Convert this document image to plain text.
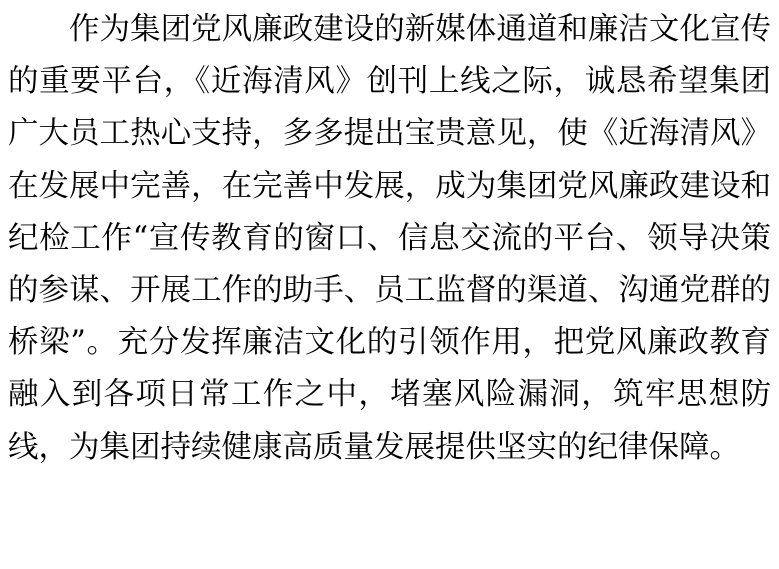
作为集团党风廉政建设的新媒体通道和廉洁文化宣传的重要平台，《近海清风》创刊上线之际，诚恳希望集团广大员工热心支持，多多提出宝贵意见，使《近海清风》在发展中完善，在完善中发展，成为集团党风廉政建设和纪检工作“宣传教育的窗口、信息交流的平台、领导决策的参谋、开展工作的助手、员工监督的渠道、沟通党群的桥梁”。充分发挥廉洁文化的引领作用，把党风廉政教育融入到各项日常工作之中，堵塞风险漏洞，筑牢思想防线，为集团持续健康高质量发展提供坚实的纪律保障。
